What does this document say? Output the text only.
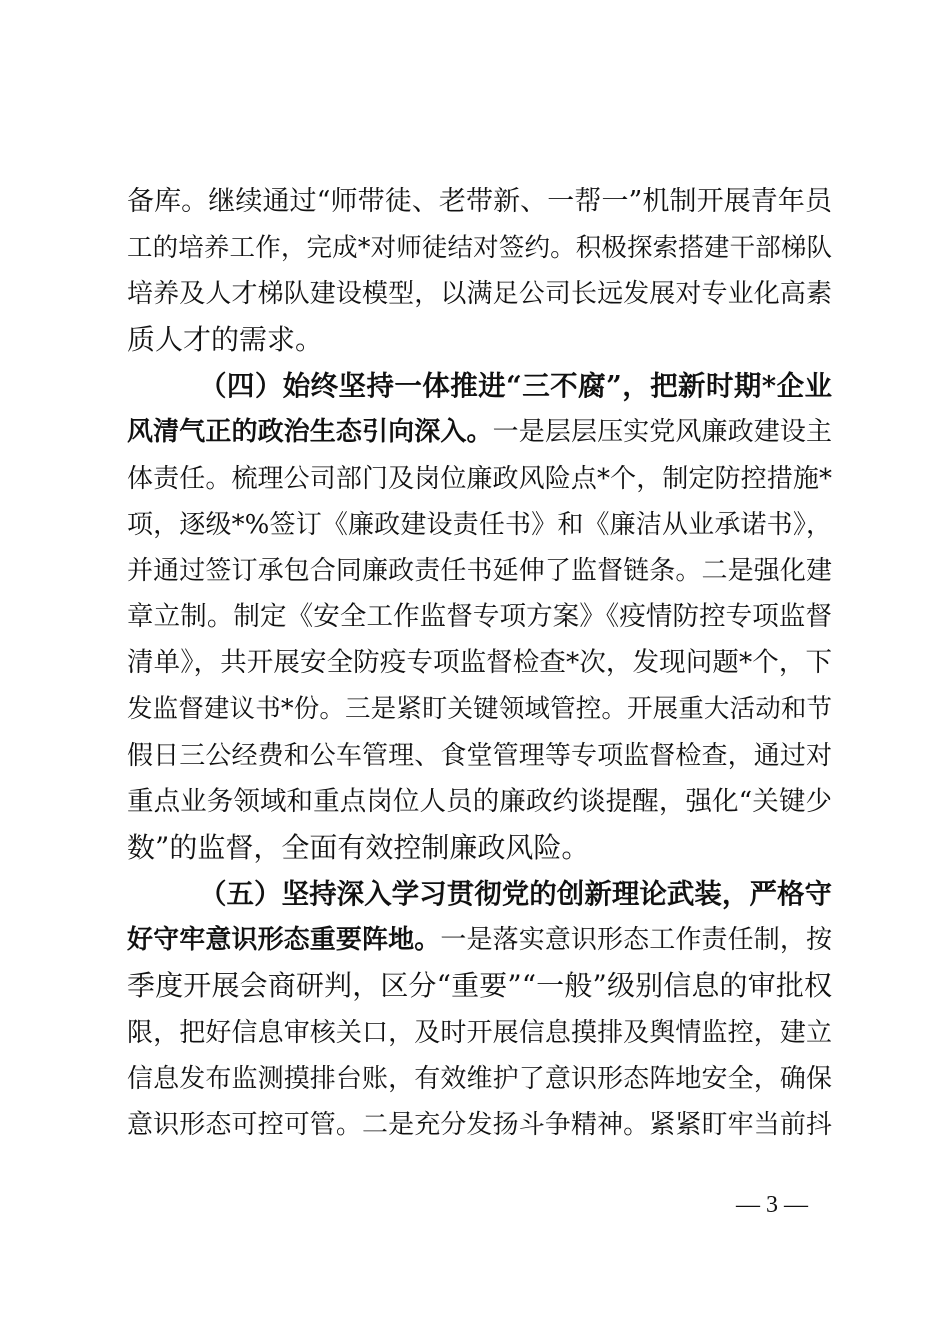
备库。继续通过“师带徒、老带新、一帮一”机制开展青年员
工的培养工作，完成*对师徒结对签约。积极探索搭建干部梯队
培养及人才梯队建设模型，以满足公司长远发展对专业化高素
质人才的需求。
（四）始终坚持一体推进“三不腐”，把新时期*企业
风清气正的政治生态引向深入。一是层层压实党风廉政建设主
体责任。梳理公司部门及岗位廉政风险点*个，制定防控措施*
项，逐级*%签订《廉政建设责任书》和《廉洁从业承诺书》，
并通过签订承包合同廉政责任书延伸了监督链条。二是强化建
章立制。制定《安全工作监督专项方案》《疫情防控专项监督
清单》，共开展安全防疫专项监督检查*次，发现问题*个，下
发监督建议书*份。三是紧盯关键领域管控。开展重大活动和节
假日三公经费和公车管理、食堂管理等专项监督检查，通过对
重点业务领域和重点岗位人员的廉政约谈提醒，强化“关键少
数”的监督，全面有效控制廉政风险。
（五）坚持深入学习贯彻党的创新理论武装，严格守
好守牢意识形态重要阵地。一是落实意识形态工作责任制，按
季度开展会商研判，区分“重要”“一般”级别信息的审批权
限，把好信息审核关口，及时开展信息摸排及舆情监控，建立
信息发布监测摸排台账，有效维护了意识形态阵地安全，确保
意识形态可控可管。二是充分发扬斗争精神。紧紧盯牢当前抖
— 3 —
